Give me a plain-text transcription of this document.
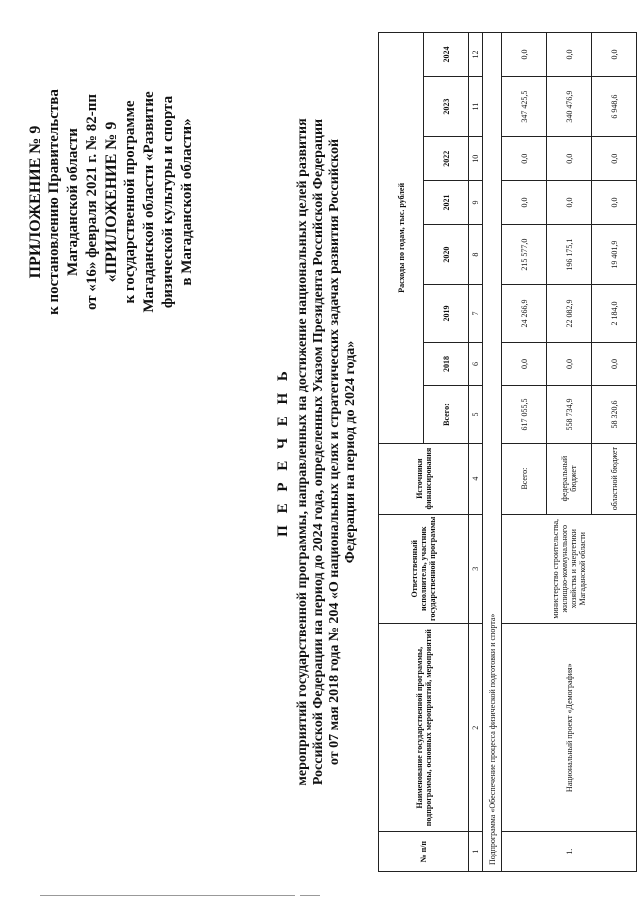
ПРИЛОЖЕНИЕ № 9 к постановлению Правительства Магаданской области от «16» февраля 2021 г. № 82-пп «ПРИЛОЖЕНИЕ № 9 к государственной программе Магаданской области «Развитие физической культуры и спорта в Магаданской области»
П Е Р Е Ч Е Н Ь мероприятий государственной программы, направленных на достижение национальных целей развития Российской Федерации на период до 2024 года, определенных Указом Президента Российской Федерации от 07 мая 2018 года № 204 «О национальных целях и стратегических задачах развития Российской Федерации на период до 2024 года»
№ п/п	Наименование государственной программы, подпрограммы, основных мероприятий, мероприятий	Ответственный исполнитель, участник государственной программы	Источники финансирования	Расходы по годам, тыс. рублей							
				Всего:	2018	2019	2020	2021	2022	2023	2024
1	2	3	4	5	6	7	8	9	10	11	12
Подпрограмма «Обеспечение процесса физической подготовки и спорта»											
1.	Национальный проект «Демография»	министерство строительства, жилищно-коммунального хозяйства и энергетики Магаданской области	Всего:	617 055,5	0,0	24 266,9	215 577,0	0,0	0,0	347 425,5	0,0
			федеральный бюджет	558 734,9	0,0	22 082,9	196 175,1	0,0	0,0	340 476,9	0,0
			областной бюджет	58 320,6	0,0	2 184,0	19 401,9	0,0	0,0	6 948,6	0,0
